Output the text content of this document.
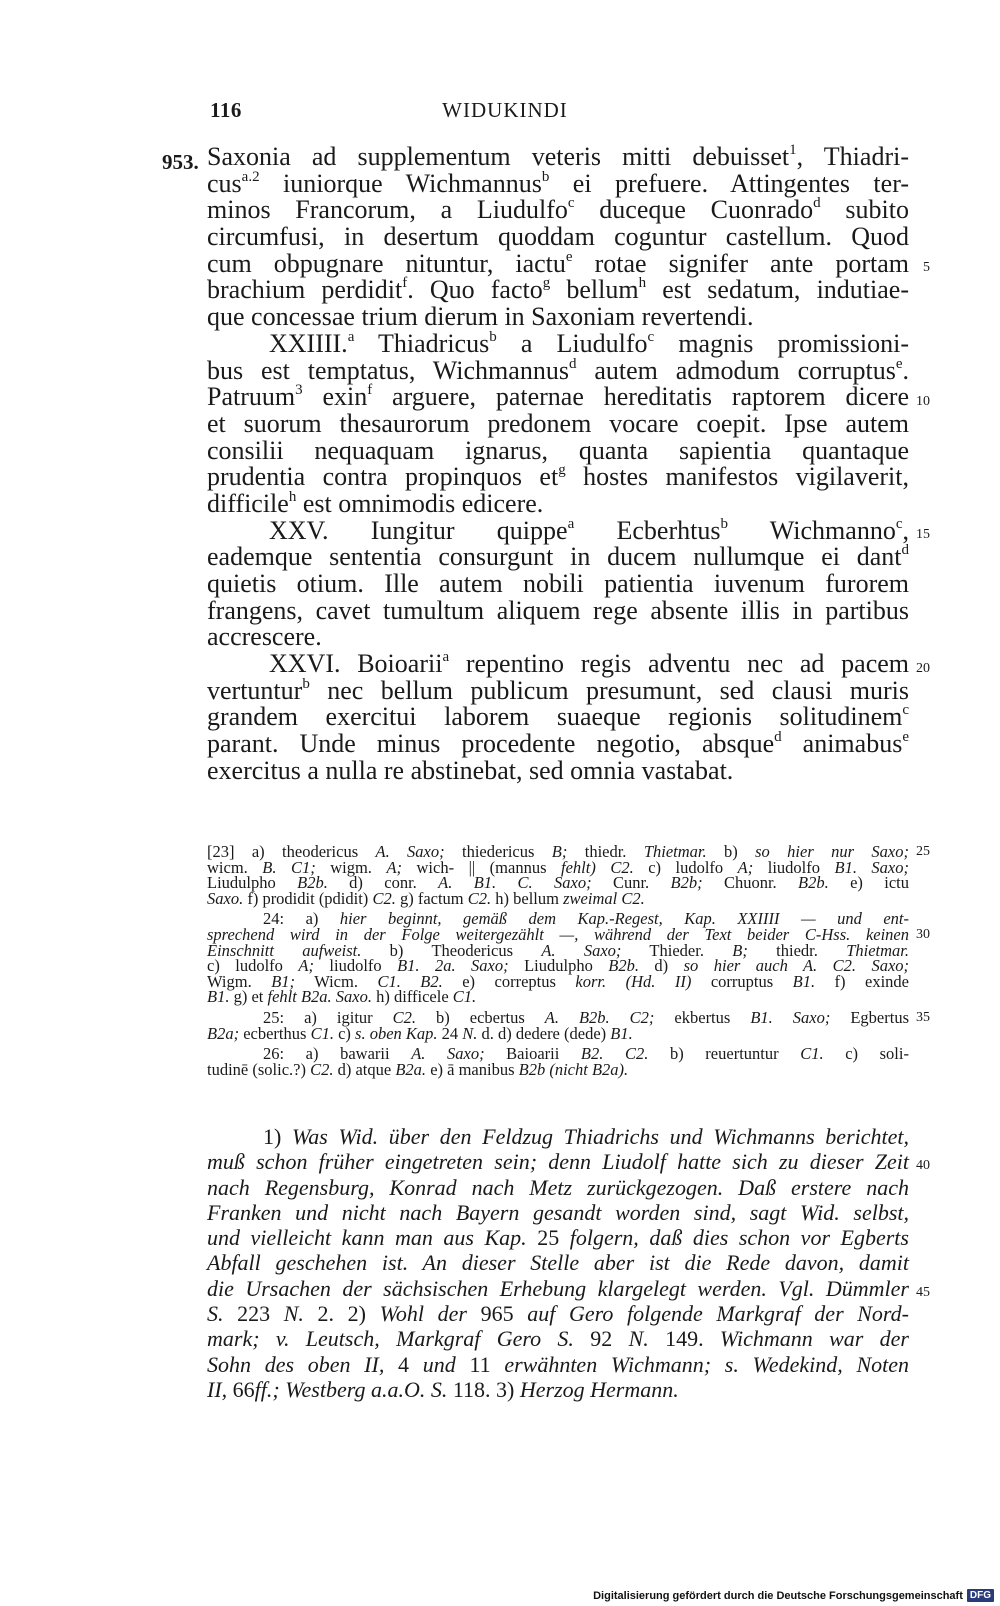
116	WIDUKINDI
953. Saxonia ad supplementum veteris mitti debuisset$^1$, Thiadri-
cus$^{a.2}$ iuniorque Wichmannus$^b$ ei prefuere. Attingentes ter-
minos Francorum, a Liudulfo$^c$ duceque Cuonrado$^d$ subito
circumfusi, in desertum quoddam coguntur castellum. Quod
cum obpugnare nituntur, iactu$^e$ rotae signifer ante portam
brachium perdidit$^f$. Quo facto$^g$ bellum$^h$ est sedatum, indutiae-
que concessae trium dierum in Saxoniam revertendi.
XXIIII.$^a$ Thiadricus$^b$ a Liudulfo$^c$ magnis promissioni-
bus est temptatus, Wichmannus$^d$ autem admodum corruptus$^e$.
Patruum$^3$ exin$^f$ arguere, paternae hereditatis raptorem dicere
et suorum thesaurorum predonem vocare coepit. Ipse autem
consilii nequaquam ignarus, quanta sapientia quantaque
prudentia contra propinquos $et^g$ hostes manifestos vigilaverit,
difficile$^h$ est omnimodis edicere.
XXV. Iungitur quippe$^a$ Ecberhtus$^b$ Wichmanno$^c$,
eademque sententia consurgunt in ducem nullumque ei dant$^d$
quietis otium. Ille autem nobili patientia iuvenum furorem
frangens, cavet tumultum aliquem rege absente illis in partibus
accrescere.
XXVI. Boioarii$^a$ repentino regis adventu nec ad pacem
vertuntur$^b$ nec bellum publicum presumunt, sed clausi muris
grandem exercitui laborem suaeque regionis solitudinem$^c$
parant. Unde minus procedente negotio, absque$^d$ animabus$^e$
exercitus a nulla re abstinebat, sed omnia vastabat.
[23] a) theodericus A. Saxo; thiedericus B; thiedr. Thietmar. b) so hier nur Saxo;
wicm. B. C1; wigm. A; wich- || (mannus fehlt) C2. c) ludolfo A; liudolfo B1. Saxo;
Liudulpho B2b. d) conr. A. B1. C. Saxo; Cunr. B2b; Chuonr. B2b. e) ictu
Saxo. f) prodidit (pdidit) C2. g) factum C2. h) bellum zweimal C2.
24: a) hier beginnt, gemäß dem Kap.-Regest, Kap. XXIIII — und ent-
sprechend wird in der Folge weitergezählt —, während der Text beider C-Hss. keinen
Einschnitt aufweist. b) Theodericus A. Saxo; Thieder. B; thiedr. Thietmar.
c) ludolfo A; liudolfo B1. 2a. Saxo; Liudulpho B2b. d) so hier auch A. C2. Saxo;
Wigm. B1; Wicm. C1. B2. e) correptus korr. (Hd. II) corruptus B1. f) exinde
B1. g) et fehlt B2a. Saxo. h) difficele C1.
25: a) igitur C2. b) ecbertus A. B2b. C2; ekbertus B1. Saxo; Egbertus
B2a; ecberthus C1. c) s. oben Kap. 24 N. d. d) dedere (dede) B1.
26: a) bawarii A. Saxo; Baioarii B2. C2. b) reuertuntur C1. c) soli-
tudinē (solic.?) C2. d) atque B2a. e) ā manibus B2b (nicht B2a).
1) Was Wid. über den Feldzug Thiadrichs und Wichmanns berichtet,
muß schon früher eingetreten sein; denn Liudolf hatte sich zu dieser Zeit
nach Regensburg, Konrad nach Metz zurückgezogen. Daß erstere nach
Franken und nicht nach Bayern gesandt worden sind, sagt Wid. selbst,
und vielleicht kann man aus Kap. 25 folgern, daß dies schon vor Egberts
Abfall geschehen ist. An dieser Stelle aber ist die Rede davon, damit
die Ursachen der sächsischen Erhebung klargelegt werden. Vgl. Dümmler
S. 223 N. 2. 2) Wohl der 965 auf Gero folgende Markgraf der Nord-
mark; v. Leutsch, Markgraf Gero S. 92 N. 149. Wichmann war der
Sohn des oben II, 4 und 11 erwähnten Wichmann; s. Wedekind, Noten
II, 66ff.; Westberg a.a.O. S. 118. 3) Herzog Hermann.
Digitalisierung gefördert durch die Deutsche Forschungsgemeinschaft DFG
5
10
15
20
25
30
35
40
45
